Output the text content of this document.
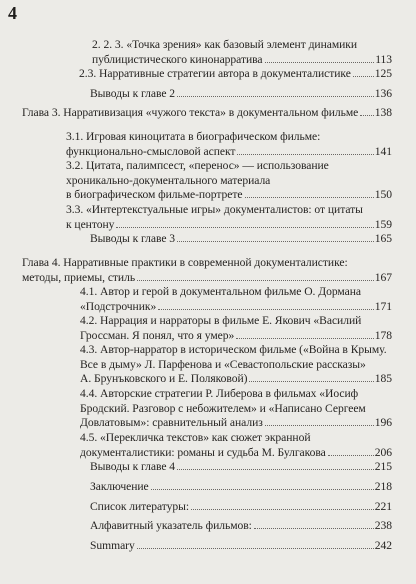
4
2. 2. 3. «Точка зрения» как базовый элемент динамики
публицистического кинонарратива	113
2.3. Нарративные стратегии автора в документалистике 125
Выводы к главе 2	136
Глава 3. Нарративизация «чужого текста» в документальном фильме 138
3.1. Игровая киноцитата в биографическом фильме:
функционально-смысловой аспект	141
3.2. Цитата, палимпсест, «перенос» — использование
хроникально-документального материала
в биографическом фильме-портрете	150
3.3. «Интертекстуальные игры» документалистов: от цитаты
к центону	159
Выводы к главе 3	165
Глава 4. Нарративные практики в современной документалистике:
методы, приемы, стиль	167
4.1. Автор и герой в документальном фильме О. Дормана
«Подстрочник»	171
4.2. Наррация и нарраторы в фильме Е. Якович «Василий
Гроссман. Я понял, что я умер»	178
4.3. Автор-нарратор в историческом фильме («Война в Крыму.
Все в дыму» Л. Парфенова и «Севастопольские рассказы»
А. Брунъковского и Е. Поляковой)	185
4.4. Авторские стратегии Р. Либерова в фильмах «Иосиф
Бродский. Разговор с небожителем» и «Написано Сергеем
Довлатовым»: сравнительный анализ	196
4.5. «Перекличка текстов» как сюжет экранной
документалистики: романы и судьба М. Булгакова	206
Выводы к главе 4	215
Заключение	218
Список литературы:	221
Алфавитный указатель фильмов:	238
Summary	242
